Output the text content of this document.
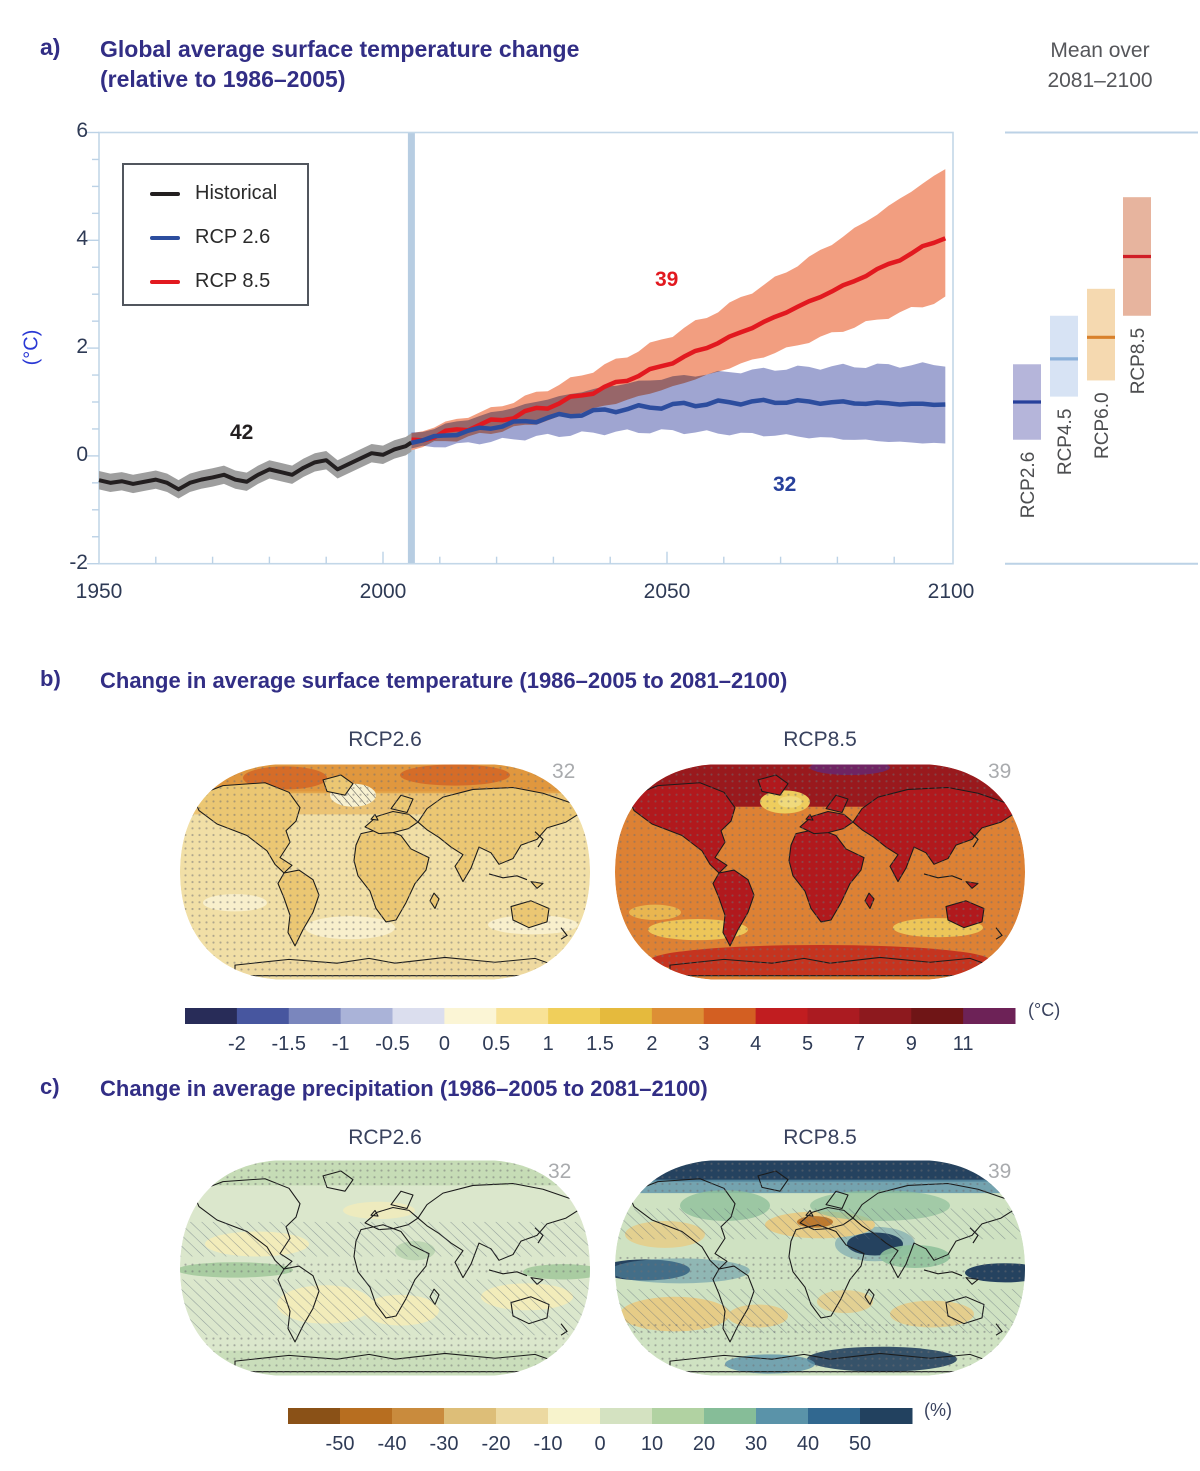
RCP2.6
RCP4.5 RCP6.0
RCP8.5
-2 -1.5 -1 -0.5 0 0.5 1 1.5 2 3 4 5 7 9 11
-50 -40 -30 -20 -10 0 10 20 30 40 50
a) Global average surface temperature change
(relative to 1986–2005)
Mean over
2081–2100
6
4
2
0
-2
(°C)
1950	2000	2050	2100
Historical
RCP 2.6
RCP 8.5
42
39
32
b) Change in average surface temperature (1986–2005 to 2081–2100)
RCP2.6	RCP8.5
32	39
(°C)
c) Change in average precipitation (1986–2005 to 2081–2100)
RCP2.6	RCP8.5
32	39
(%)
